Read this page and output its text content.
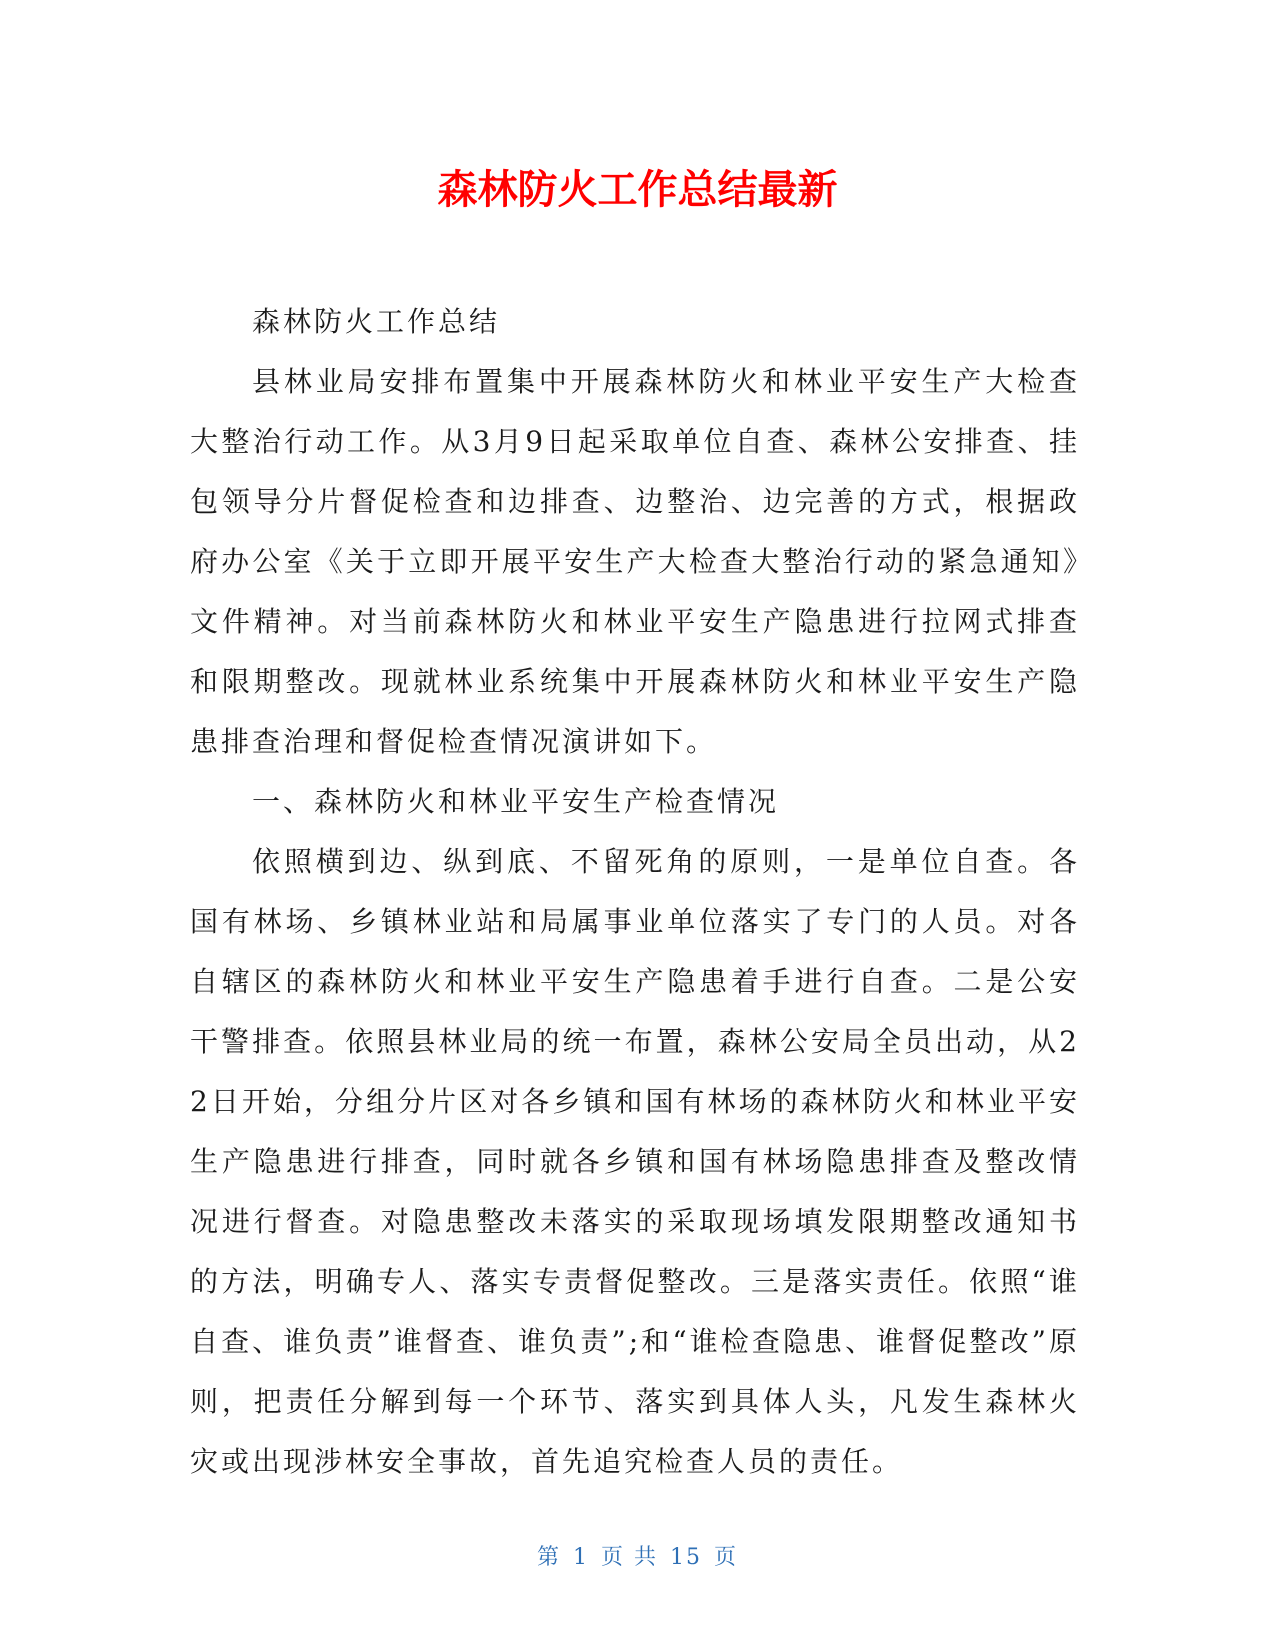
森林防火工作总结最新

森林防火工作总结

县林业局安排布置集中开展森林防火和林业平安生产大检查大整治行动工作。从3月9日起采取单位自查、森林公安排查、挂包领导分片督促检查和边排查、边整治、边完善的方式，根据政府办公室《关于立即开展平安生产大检查大整治行动的紧急通知》文件精神。对当前森林防火和林业平安生产隐患进行拉网式排查和限期整改。现就林业系统集中开展森林防火和林业平安生产隐患排查治理和督促检查情况演讲如下。

一、森林防火和林业平安生产检查情况

依照横到边、纵到底、不留死角的原则，一是单位自查。各国有林场、乡镇林业站和局属事业单位落实了专门的人员。对各自辖区的森林防火和林业平安生产隐患着手进行自查。二是公安干警排查。依照县林业局的统一布置，森林公安局全员出动，从22日开始，分组分片区对各乡镇和国有林场的森林防火和林业平安生产隐患进行排查，同时就各乡镇和国有林场隐患排查及整改情况进行督查。对隐患整改未落实的采取现场填发限期整改通知书的方法，明确专人、落实专责督促整改。三是落实责任。依照“谁自查、谁负责”谁督查、谁负责”;和“谁检查隐患、谁督促整改”原则，把责任分解到每一个环节、落实到具体人头，凡发生森林火灾或出现涉林安全事故，首先追究检查人员的责任。

第 1 页 共 15 页
